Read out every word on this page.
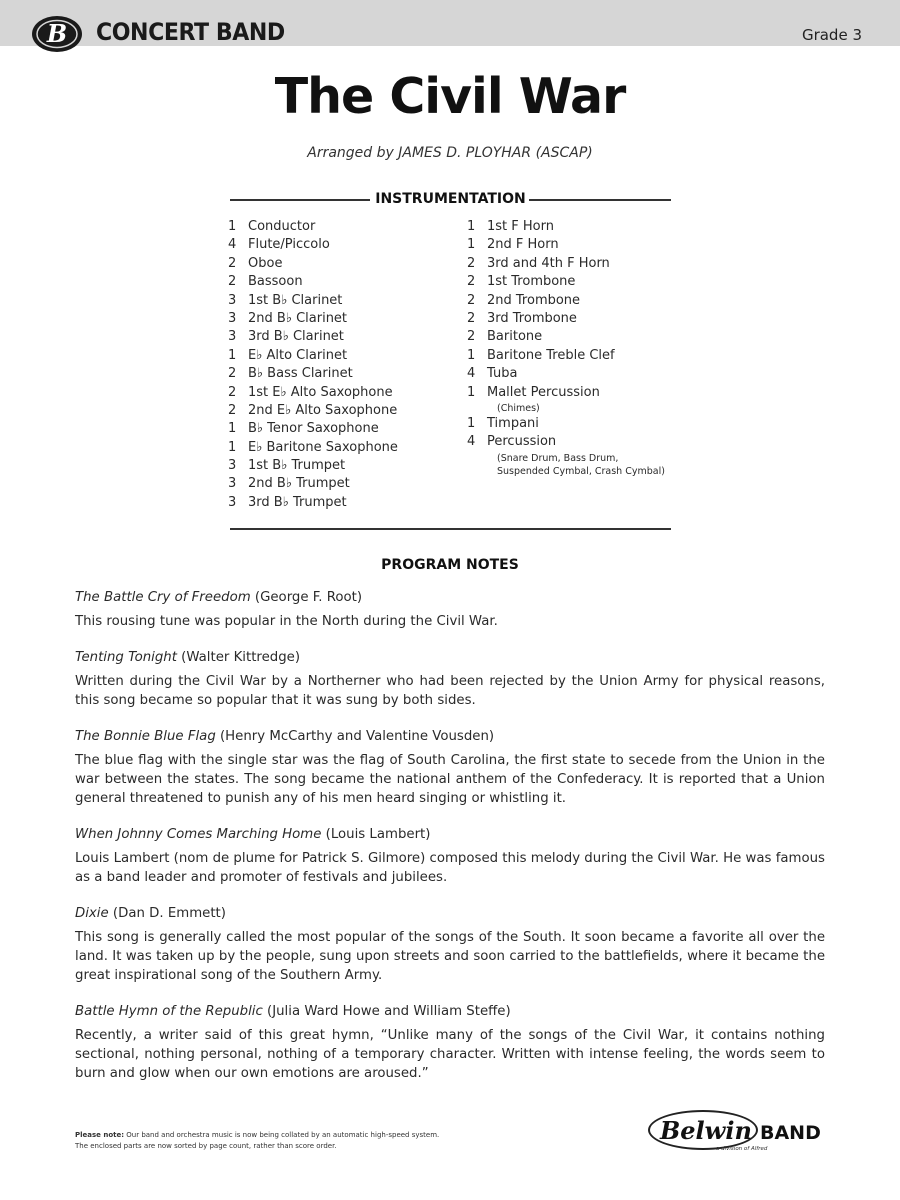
B CONCERT BAND	Grade 3
The Civil War
Arranged by JAMES D. PLOYHAR (ASCAP)
INSTRUMENTATION
1 Conductor
4 Flute/Piccolo
2 Oboe
2 Bassoon
3 1st B♭ Clarinet
3 2nd B♭ Clarinet
3 3rd B♭ Clarinet
1 E♭ Alto Clarinet
2 B♭ Bass Clarinet
2 1st E♭ Alto Saxophone
2 2nd E♭ Alto Saxophone
1 B♭ Tenor Saxophone
1 E♭ Baritone Saxophone
3 1st B♭ Trumpet
3 2nd B♭ Trumpet
3 3rd B♭ Trumpet
1 1st F Horn
1 2nd F Horn
2 3rd and 4th F Horn
2 1st Trombone
2 2nd Trombone
2 3rd Trombone
2 Baritone
1 Baritone Treble Clef
4 Tuba
1 Mallet Percussion
(Chimes)
1 Timpani
4 Percussion
(Snare Drum, Bass Drum,
Suspended Cymbal, Crash Cymbal)
PROGRAM NOTES
The Battle Cry of Freedom (George F. Root)
This rousing tune was popular in the North during the Civil War.
Tenting Tonight (Walter Kittredge)
Written during the Civil War by a Northerner who had been rejected by the Union Army for physical reasons, this song became so popular that it was sung by both sides.
The Bonnie Blue Flag (Henry McCarthy and Valentine Vousden)
The blue flag with the single star was the flag of South Carolina, the first state to secede from the Union in the war between the states. The song became the national anthem of the Confederacy. It is reported that a Union general threatened to punish any of his men heard singing or whistling it.
When Johnny Comes Marching Home (Louis Lambert)
Louis Lambert (nom de plume for Patrick S. Gilmore) composed this melody during the Civil War. He was famous as a band leader and promoter of festivals and jubilees.
Dixie (Dan D. Emmett)
This song is generally called the most popular of the songs of the South. It soon became a favorite all over the land. It was taken up by the people, sung upon streets and soon carried to the battlefields, where it became the great inspirational song of the Southern Army.
Battle Hymn of the Republic (Julia Ward Howe and William Steffe)
Recently, a writer said of this great hymn, “Unlike many of the songs of the Civil War, it contains nothing sectional, nothing personal, nothing of a temporary character. Written with intense feeling, the words seem to burn and glow when our own emotions are aroused.”
Please note: Our band and orchestra music is now being collated by an automatic high-speed system.
The enclosed parts are now sorted by page count, rather than score order.
Belwin BAND
a division of Alfred
